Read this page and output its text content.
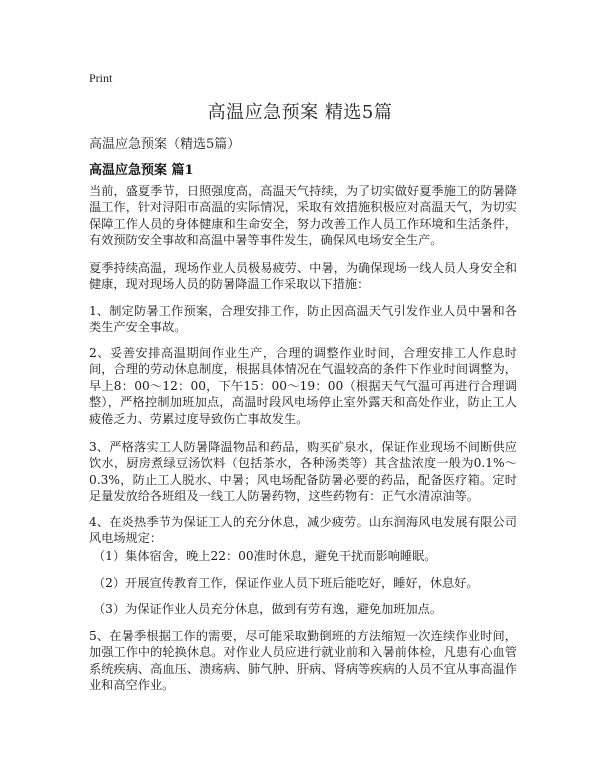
Print
高温应急预案 精选5篇
高温应急预案（精选5篇）
高温应急预案 篇1

当前，盛夏季节，日照强度高，高温天气持续，为了切实做好夏季施工的防暑降温工作，针对浔阳市高温的实际情况，采取有效措施积极应对高温天气，为切实保障工作人员的身体健康和生命安全，努力改善工作人员工作环境和生活条件，有效预防安全事故和高温中暑等事件发生，确保风电场安全生产。

夏季持续高温，现场作业人员极易疲劳、中暑，为确保现场一线人员人身安全和健康，现对现场人员的防暑降温工作采取以下措施：

1、制定防暑工作预案，合理安排工作，防止因高温天气引发作业人员中暑和各类生产安全事故。

2、妥善安排高温期间作业生产，合理的调整作业时间，合理安排工人作息时间，合理的劳动休息制度，根据具体情况在气温较高的条件下作业时间调整为，早上8：00～12：00，下午15：00～19：00（根据天气气温可再进行合理调整），严格控制加班加点，高温时段风电场停止室外露天和高处作业，防止工人疲倦乏力、劳累过度导致伤亡事故发生。

3、严格落实工人防暑降温物品和药品，购买矿泉水，保证作业现场不间断供应饮水，厨房煮绿豆汤饮料（包括茶水，各种汤类等）其含盐浓度一般为0.1%～0.3%，防止工人脱水、中暑；风电场配备防暑必要的药品，配备医疗箱。定时足量发放给各班组及一线工人防暑药物，这些药物有：正气水清凉油等。

4、在炎热季节为保证工人的充分休息，减少疲劳。山东润海风电发展有限公司风电场规定：

（1）集体宿舍，晚上22：00准时休息，避免干扰而影响睡眠。

（2）开展宣传教育工作，保证作业人员下班后能吃好，睡好，休息好。

（3）为保证作业人员充分休息，做到有劳有逸，避免加班加点。

5、在暑季根据工作的需要，尽可能采取勤倒班的方法缩短一次连续作业时间，加强工作中的轮换休息。对作业人员应进行就业前和入暑前体检，凡患有心血管系统疾病、高血压、溃疡病、肺气肿、肝病、肾病等疾病的人员不宜从事高温作业和高空作业。
